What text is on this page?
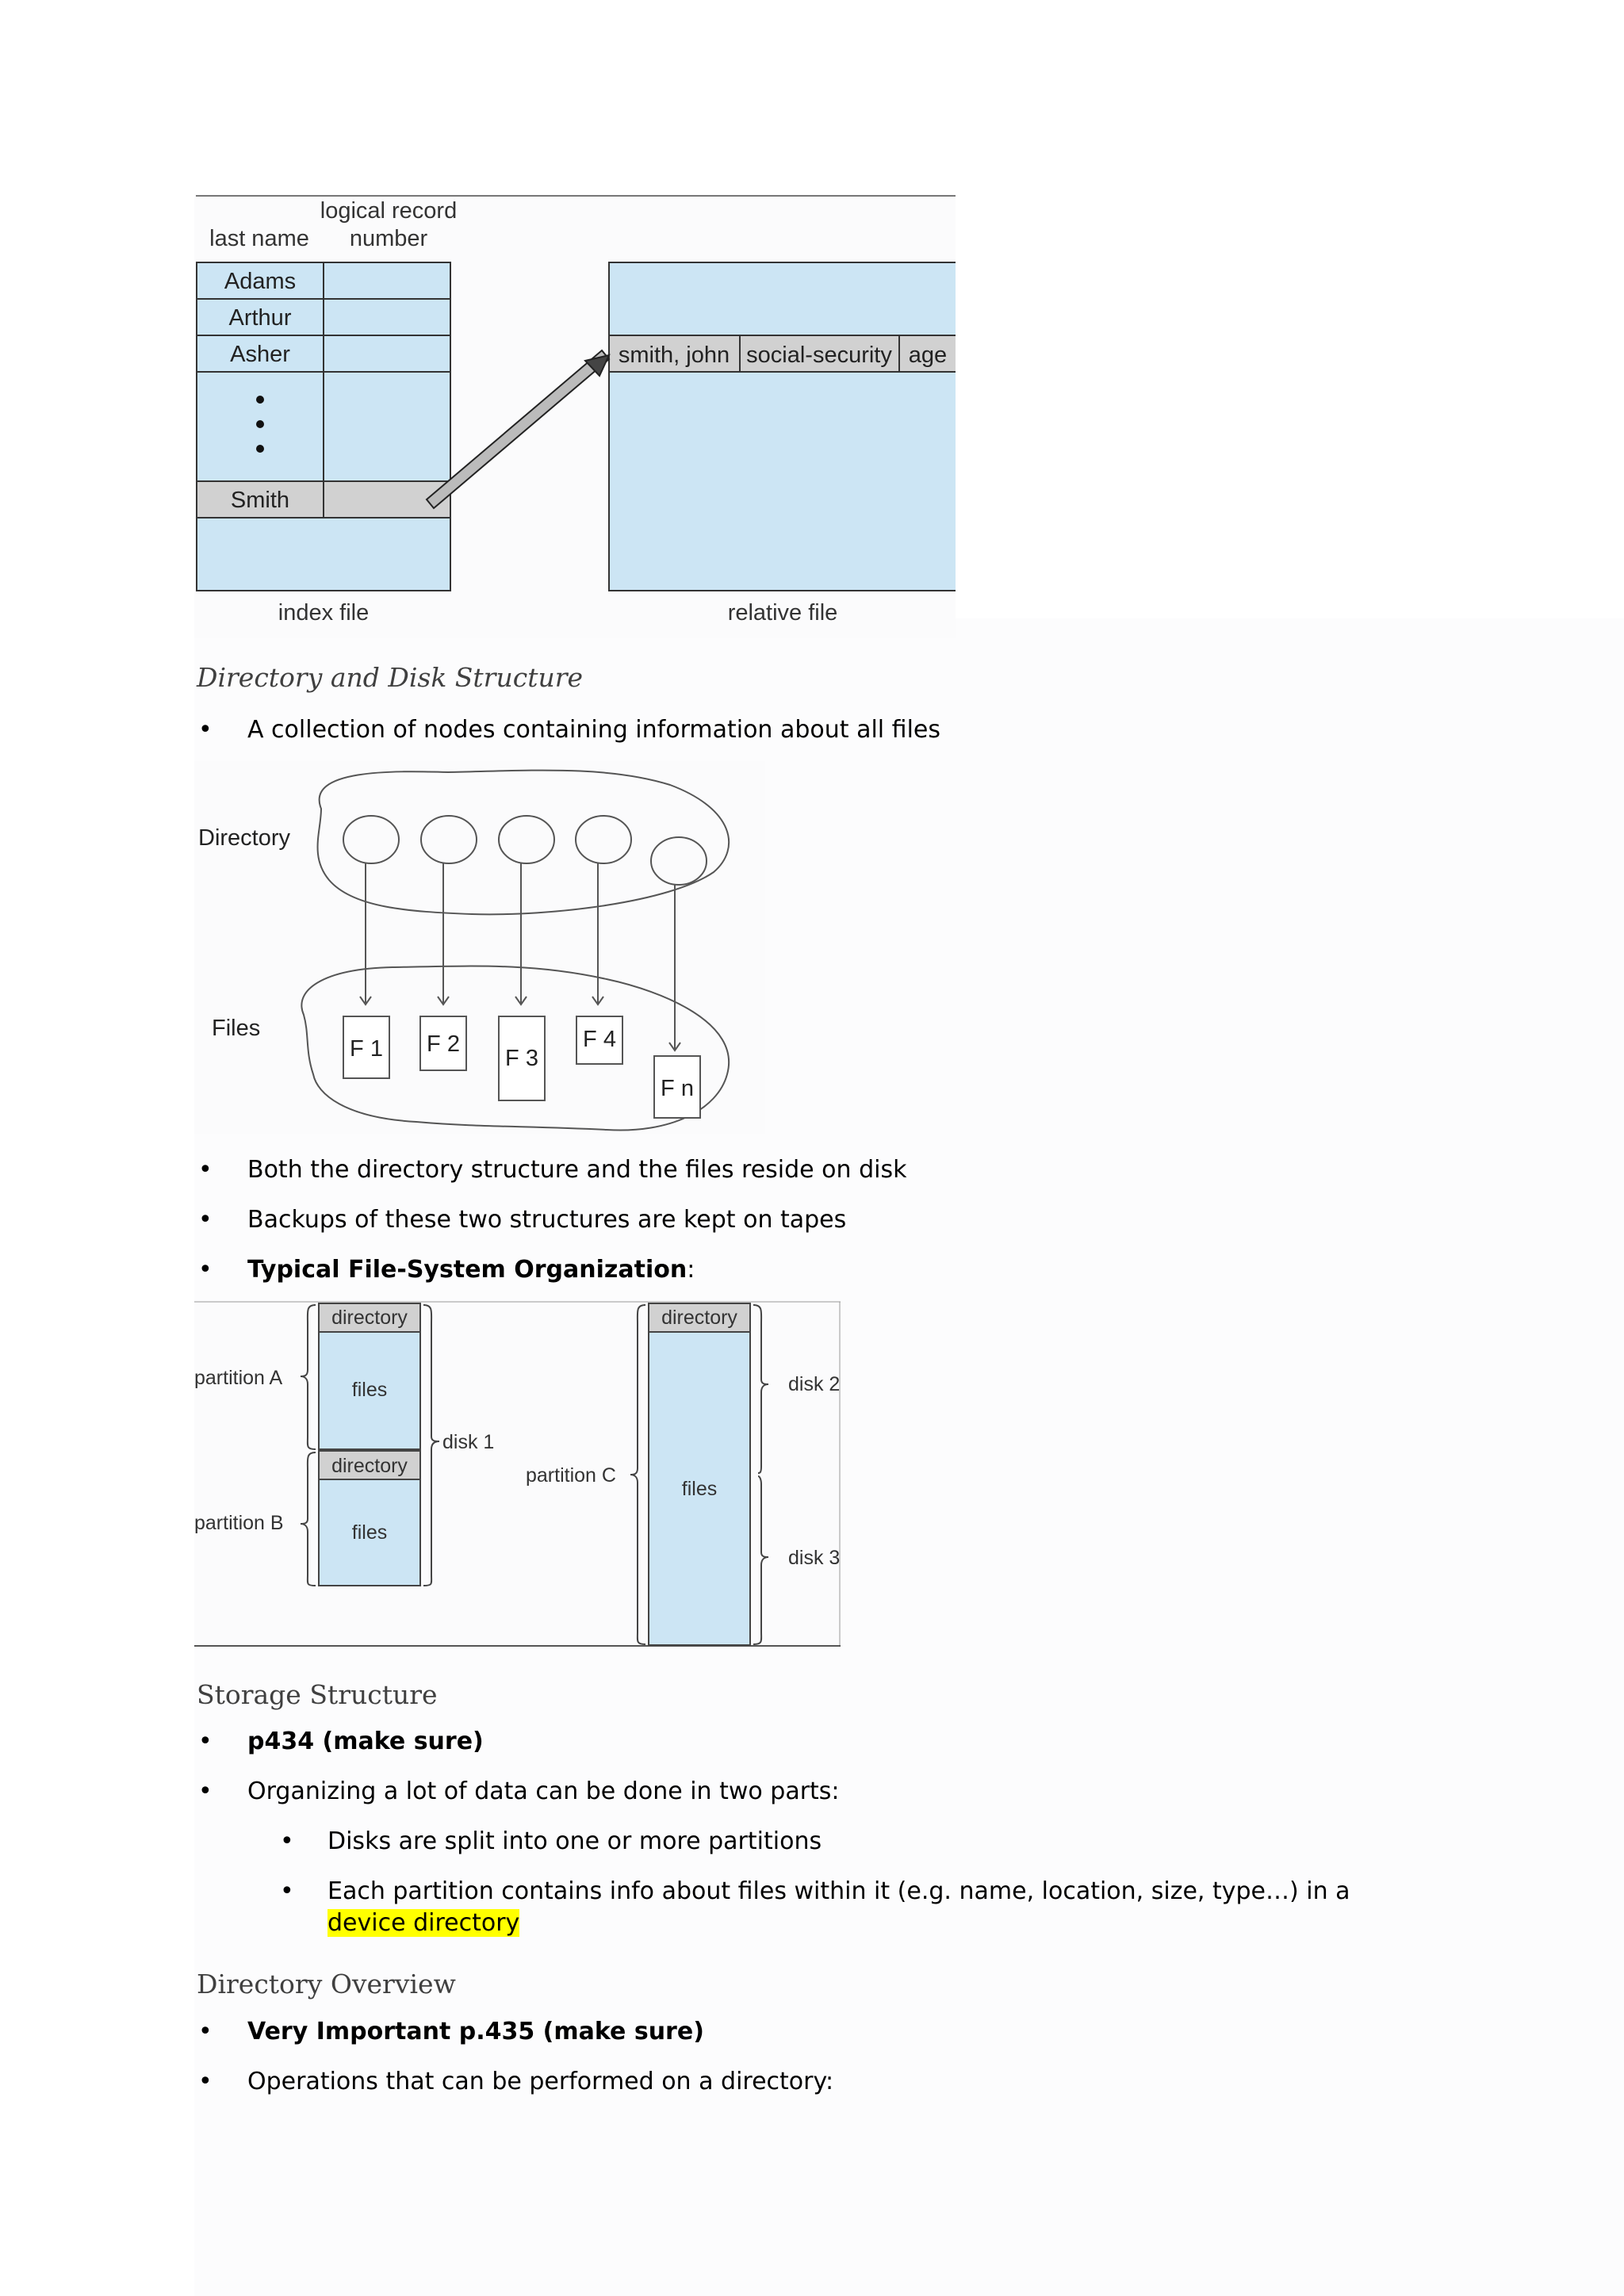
logical record
last name number
Adams
Arthur
Asher
Smith
smith, john social-security age
index file	relative file
Directory and Disk Structure
• A collection of nodes containing information about all files
Directory
Files
F 1 F 2
F 3
F 4
F n
• Both the directory structure and the files reside on disk
• Backups of these two structures are kept on tapes
• Typical File-System Organization:
directory
files
directory
files
partition A
partition B
disk 1
directory
files
partition C
disk 2
disk 3
Storage Structure
• p434 (make sure)
• Organizing a lot of data can be done in two parts:
• Disks are split into one or more partitions
• Each partition contains info about files within it (e.g. name, location, size, type…) in a device directory
Directory Overview
• Very Important p.435 (make sure)
• Operations that can be performed on a directory:
